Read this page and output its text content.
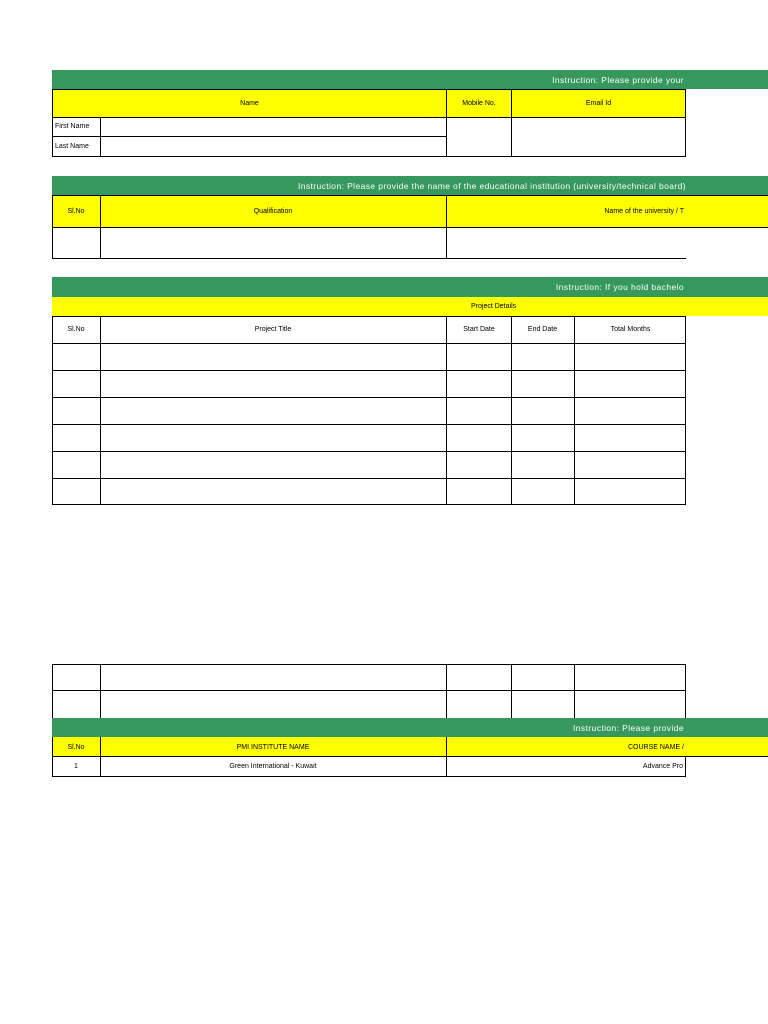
Instruction: Please provide your
Name	Mobile No.	Email Id
First Name
Last Name
Instruction: Please provide the name of the educational institution (university/technical board)
Sl.No	Qualification	Name of the university / T
Instruction: If you hold bachelo
Project Details
Sl.No	Project Title	Start Date	End Date	Total Months
Instruction: Please provide
Sl.No	PMI INSTITUTE NAME	COURSE NAME /
1	Green International - Kuwait	Advance Pro
